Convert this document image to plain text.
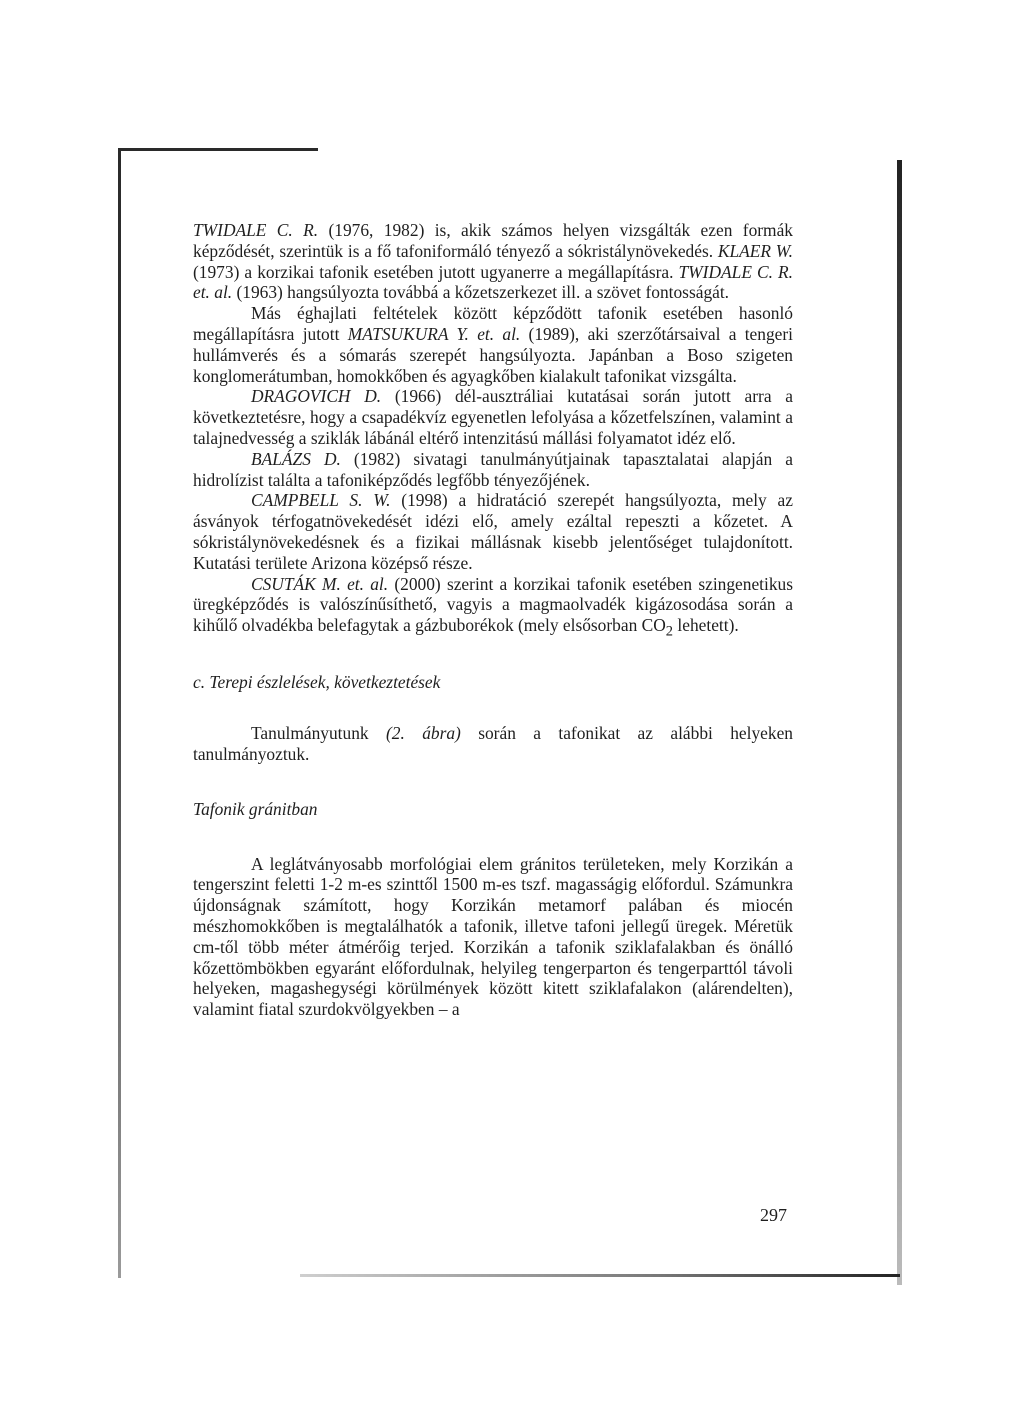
TWIDALE C. R. (1976, 1982) is, akik számos helyen vizsgálták ezen formák képződését, szerintük is a fő tafoniformáló tényező a sókristálynövekedés. KLAER W. (1973) a korzikai tafonik esetében jutott ugyanerre a megállapításra. TWIDALE C. R. et. al. (1963) hangsúlyozta továbbá a kőzetszerkezet ill. a szövet fontosságát.

Más éghajlati feltételek között képződött tafonik esetében hasonló megállapításra jutott MATSUKURA Y. et. al. (1989), aki szerzőtársaival a tengeri hullámverés és a sómarás szerepét hangsúlyozta. Japánban a Boso szigeten konglomerátumban, homokkőben és agyagkőben kialakult tafonikat vizsgálta.

DRAGOVICH D. (1966) dél-ausztráliai kutatásai során jutott arra a következtetésre, hogy a csapadékvíz egyenetlen lefolyása a kőzetfelszínen, valamint a talajnedvesség a sziklák lábánál eltérő intenzitású mállási folyamatot idéz elő.

BALÁZS D. (1982) sivatagi tanulmányútjainak tapasztalatai alapján a hidrolízist találta a tafoniképződés legfőbb tényezőjének.

CAMPBELL S. W. (1998) a hidratáció szerepét hangsúlyozta, mely az ásványok térfogatnövekedését idézi elő, amely ezáltal repeszti a kőzetet. A sókristálynövekedésnek és a fizikai mállásnak kisebb jelentőséget tulajdonított. Kutatási területe Arizona középső része.

CSUTÁK M. et. al. (2000) szerint a korzikai tafonik esetében szingenetikus üregképződés is valószínűsíthető, vagyis a magmaolvadék kigázosodása során a kihűlő olvadékba belefagytak a gázbuborékok (mely elsősorban $CO_2$ lehetett).

c. Terepi észlelések, következtetések

Tanulmányutunk (2. ábra) során a tafonikat az alábbi helyeken tanulmányoztuk.

Tafonik gránitban

A leglátványosabb morfológiai elem gránitos területeken, mely Korzikán a tengerszint feletti 1-2 m-es szinttől 1500 m-es tszf. magasságig előfordul. Számunkra újdonságnak számított, hogy Korzikán metamorf palában és miocén mészhomokkőben is megtalálhatók a tafonik, illetve tafoni jellegű üregek. Méretük cm-től több méter átmérőig terjed. Korzikán a tafonik sziklafalakban és önálló kőzettömbökben egyaránt előfordulnak, helyileg tengerparton és tengerparttól távoli helyeken, magashegységi körülmények között kitett sziklafalakon (alárendelten), valamint fiatal szurdokvölgyekben – a

297
